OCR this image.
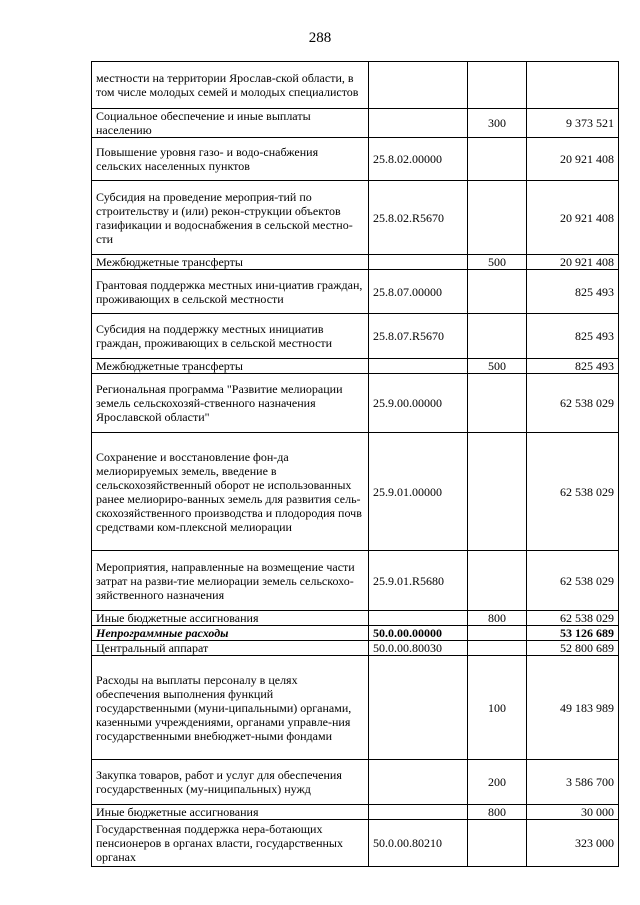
288
местности на территории Ярослав-ской области, в том числе молодых семей и молодых специалистов			
Социальное обеспечение и иные выплаты населению		300	9 373 521
Повышение уровня газо- и водо-снабжения сельских населенных пунктов	25.8.02.00000		20 921 408
Субсидия на проведение мероприя-тий по строительству и (или) рекон-струкции объектов газификации и водоснабжения в сельской местно-сти	25.8.02.R5670		20 921 408
Межбюджетные трансферты		500	20 921 408
Грантовая поддержка местных ини-циатив граждан, проживающих в сельской местности	25.8.07.00000		825 493
Субсидия на поддержку местных инициатив граждан, проживающих в сельской местности	25.8.07.R5670		825 493
Межбюджетные трансферты		500	825 493
Региональная программа "Развитие мелиорации земель сельскохозяй-ственного назначения Ярославской области"	25.9.00.00000		62 538 029
Сохранение и восстановление фон-да мелиорируемых земель, введение в сельскохозяйственный оборот не использованных ранее мелиориро-ванных земель для развития сель-скохозяйственного производства и плодородия почв средствами ком-плексной мелиорации	25.9.01.00000		62 538 029
Мероприятия, направленные на возмещение части затрат на разви-тие мелиорации земель сельскохо-зяйственного назначения	25.9.01.R5680		62 538 029
Иные бюджетные ассигнования		800	62 538 029
Непрограммные расходы	50.0.00.00000		53 126 689
Центральный аппарат	50.0.00.80030		52 800 689
Расходы на выплаты персоналу в целях обеспечения выполнения функций государственными (муни-ципальными) органами, казенными учреждениями, органами управле-ния государственными внебюджет-ными фондами		100	49 183 989
Закупка товаров, работ и услуг для обеспечения государственных (му-ниципальных) нужд		200	3 586 700
Иные бюджетные ассигнования		800	30 000
Государственная поддержка нера-ботающих пенсионеров в органах власти, государственных органах	50.0.00.80210		323 000
